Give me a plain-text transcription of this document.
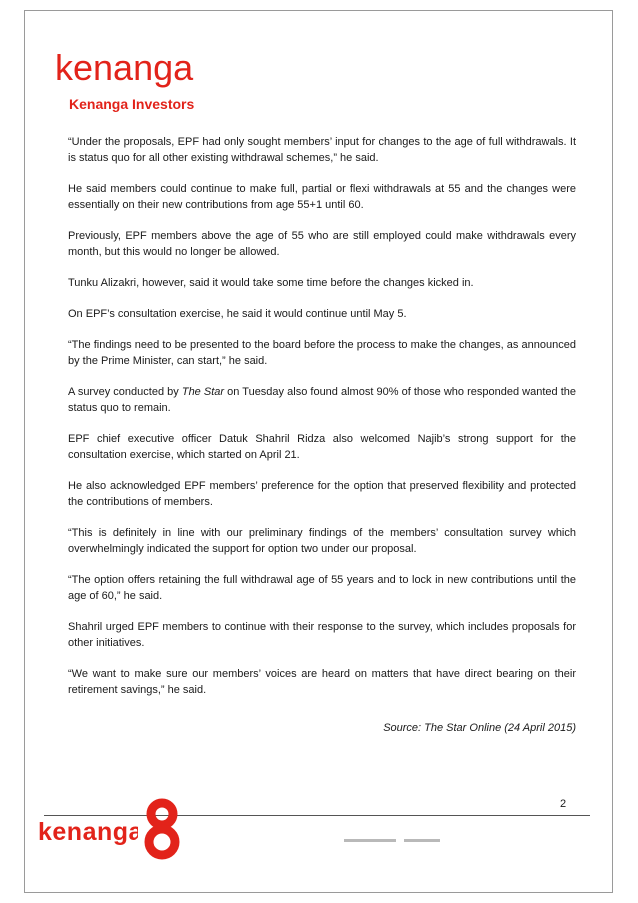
kenanga
Kenanga Investors

“Under the proposals, EPF had only sought members’ input for changes to the age of full withdrawals. It is status quo for all other existing withdrawal schemes,” he said.

He said members could continue to make full, partial or flexi withdrawals at 55 and the changes were essentially on their new contributions from age 55+1 until 60.

Previously, EPF members above the age of 55 who are still employed could make withdrawals every month, but this would no longer be allowed.

Tunku Alizakri, however, said it would take some time before the changes kicked in.

On EPF’s consultation exercise, he said it would continue until May 5.

“The findings need to be presented to the board before the process to make the changes, as announced by the Prime Minister, can start,” he said.

A survey conducted by The Star on Tuesday also found almost 90% of those who responded wanted the status quo to remain.

EPF chief executive officer Datuk Shahril Ridza also welcomed Najib’s strong support for the consultation exercise, which started on April 21.

He also acknowledged EPF members’ preference for the option that preserved flexibility and protected the contributions of members.

“This is definitely in line with our preliminary findings of the members’ consultation survey which overwhelmingly indicated the support for option two under our proposal.

“The option offers retaining the full withdrawal age of 55 years and to lock in new contributions until the age of 60,” he said.

Shahril urged EPF members to continue with their response to the survey, which includes proposals for other initiatives.

“We want to make sure our members’ voices are heard on matters that have direct bearing on their retirement savings,” he said.

Source: The Star Online (24 April 2015)
2
kenanga
